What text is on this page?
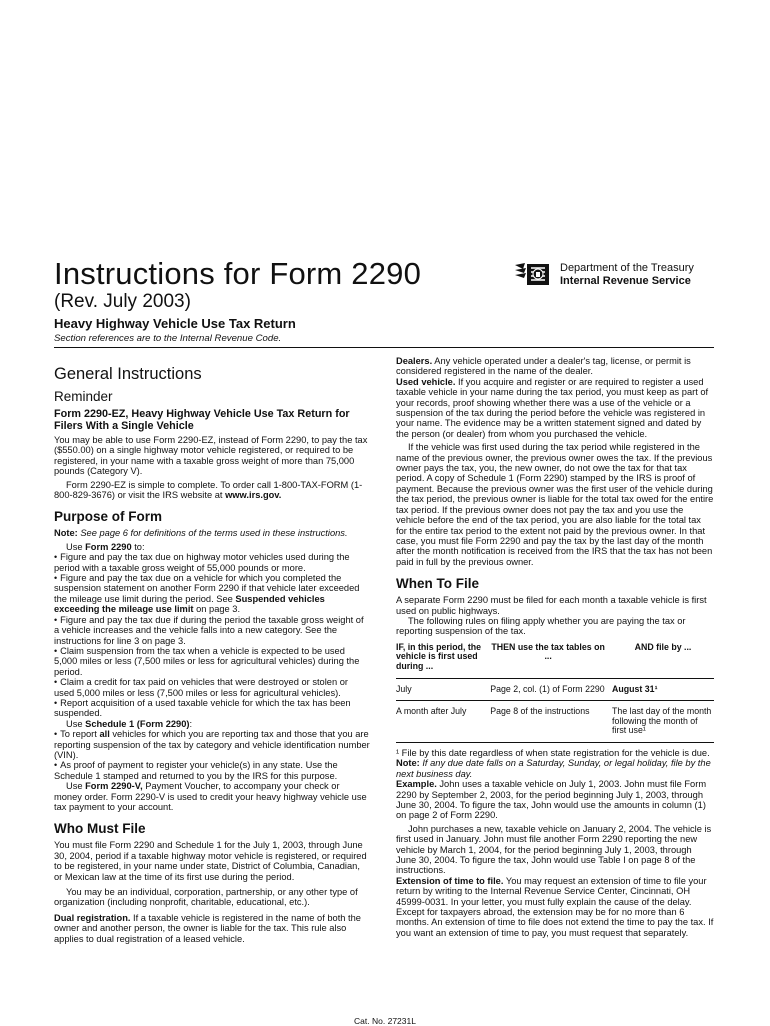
Instructions for Form 2290
(Rev. July 2003)
Heavy Highway Vehicle Use Tax Return
Section references are to the Internal Revenue Code.
Department of the Treasury
Internal Revenue Service
General Instructions
Reminder
Form 2290-EZ, Heavy Highway Vehicle Use Tax Return for Filers With a Single Vehicle

You may be able to use Form 2290-EZ, instead of Form 2290, to pay the tax ($550.00) on a single highway motor vehicle registered, or required to be registered, in your name with a taxable gross weight of more than 75,000 pounds (Category V).

Form 2290-EZ is simple to complete. To order call 1-800-TAX-FORM (1-800-829-3676) or visit the IRS website at www.irs.gov.

Purpose of Form

Note: See page 6 for definitions of the terms used in these instructions.

Use Form 2290 to:

• Figure and pay the tax due on highway motor vehicles used during the period with a taxable gross weight of 55,000 pounds or more.

• Figure and pay the tax due on a vehicle for which you completed the suspension statement on another Form 2290 if that vehicle later exceeded the mileage use limit during the period. See Suspended vehicles exceeding the mileage use limit on page 3.

• Figure and pay the tax due if during the period the taxable gross weight of a vehicle increases and the vehicle falls into a new category. See the instructions for line 3 on page 3.

• Claim suspension from the tax when a vehicle is expected to be used 5,000 miles or less (7,500 miles or less for agricultural vehicles) during the period.

• Claim a credit for tax paid on vehicles that were destroyed or stolen or used 5,000 miles or less (7,500 miles or less for agricultural vehicles).

• Report acquisition of a used taxable vehicle for which the tax has been suspended.

Use Schedule 1 (Form 2290):

• To report all vehicles for which you are reporting tax and those that you are reporting suspension of the tax by category and vehicle identification number (VIN).

• As proof of payment to register your vehicle(s) in any state. Use the Schedule 1 stamped and returned to you by the IRS for this purpose.

Use Form 2290-V, Payment Voucher, to accompany your check or money order. Form 2290-V is used to credit your heavy highway vehicle use tax payment to your account.

Who Must File

You must file Form 2290 and Schedule 1 for the July 1, 2003, through June 30, 2004, period if a taxable highway motor vehicle is registered, or required to be registered, in your name under state, District of Columbia, Canadian, or Mexican law at the time of its first use during the period.

You may be an individual, corporation, partnership, or any other type of organization (including nonprofit, charitable, educational, etc.).

Dual registration. If a taxable vehicle is registered in the name of both the owner and another person, the owner is liable for the tax. This rule also applies to dual registration of a leased vehicle.

Dealers. Any vehicle operated under a dealer's tag, license, or permit is considered registered in the name of the dealer.

Used vehicle. If you acquire and register or are required to register a used taxable vehicle in your name during the tax period, you must keep as part of your records, proof showing whether there was a use of the vehicle or a suspension of the tax during the period before the vehicle was registered in your name. The evidence may be a written statement signed and dated by the person (or dealer) from whom you purchased the vehicle.

If the vehicle was first used during the tax period while registered in the name of the previous owner, the previous owner owes the tax. If the previous owner pays the tax, you, the new owner, do not owe the tax for that tax period. A copy of Schedule 1 (Form 2290) stamped by the IRS is proof of payment. Because the previous owner was the first user of the vehicle during the tax period, the previous owner is liable for the total tax owed for the entire tax period. If the previous owner does not pay the tax and you use the vehicle before the end of the tax period, you are also liable for the total tax for the entire tax period to the extent not paid by the previous owner. In that case, you must file Form 2290 and pay the tax by the last day of the month after the month notification is received from the IRS that the tax has not been paid in full by the previous owner.

When To File

A separate Form 2290 must be filed for each month a taxable vehicle is first used on public highways.

The following rules on filing apply whether you are paying the tax or reporting suspension of the tax.

IF, in this period, the vehicle is first used during ...	THEN use the tax tables on ...	AND file by ...
July	Page 2, col. (1) of Form 2290	August 31¹
A month after July	Page 8 of the instructions	The last day of the month following the month of first use¹

¹ File by this date regardless of when state registration for the vehicle is due.

Note: If any due date falls on a Saturday, Sunday, or legal holiday, file by the next business day.

Example. John uses a taxable vehicle on July 1, 2003. John must file Form 2290 by September 2, 2003, for the period beginning July 1, 2003, through June 30, 2004. To figure the tax, John would use the amounts in column (1) on page 2 of Form 2290.

John purchases a new, taxable vehicle on January 2, 2004. The vehicle is first used in January. John must file another Form 2290 reporting the new vehicle by March 1, 2004, for the period beginning July 1, 2003, through June 30, 2004. To figure the tax, John would use Table I on page 8 of the instructions.

Extension of time to file. You may request an extension of time to file your return by writing to the Internal Revenue Service Center, Cincinnati, OH 45999-0031. In your letter, you must fully explain the cause of the delay. Except for taxpayers abroad, the extension may be for no more than 6 months. An extension of time to file does not extend the time to pay the tax. If you want an extension of time to pay, you must request that separately.

Cat. No. 27231L
